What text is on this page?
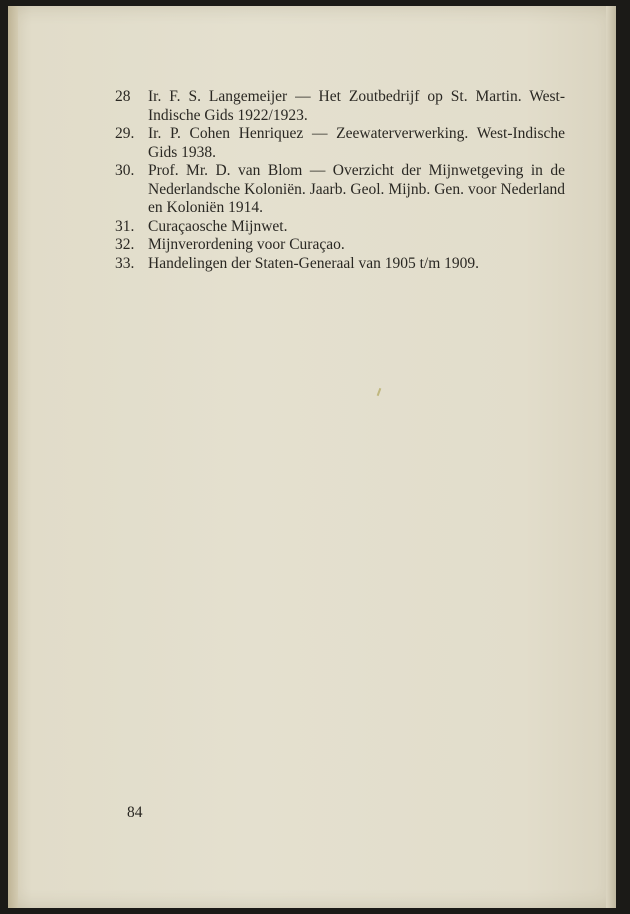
28 Ir. F. S. Langemeijer — Het Zoutbedrijf op St. Martin. West-Indische Gids 1922/1923.
29. Ir. P. Cohen Henriquez — Zeewaterverwerking. West-Indische Gids 1938.
30. Prof. Mr. D. van Blom — Overzicht der Mijnwetgeving in de Nederlandsche Koloniën. Jaarb. Geol. Mijnb. Gen. voor Nederland en Koloniën 1914.
31. Curaçaosche Mijnwet.
32. Mijnverordening voor Curaçao.
33. Handelingen der Staten-Generaal van 1905 t/m 1909.
84
